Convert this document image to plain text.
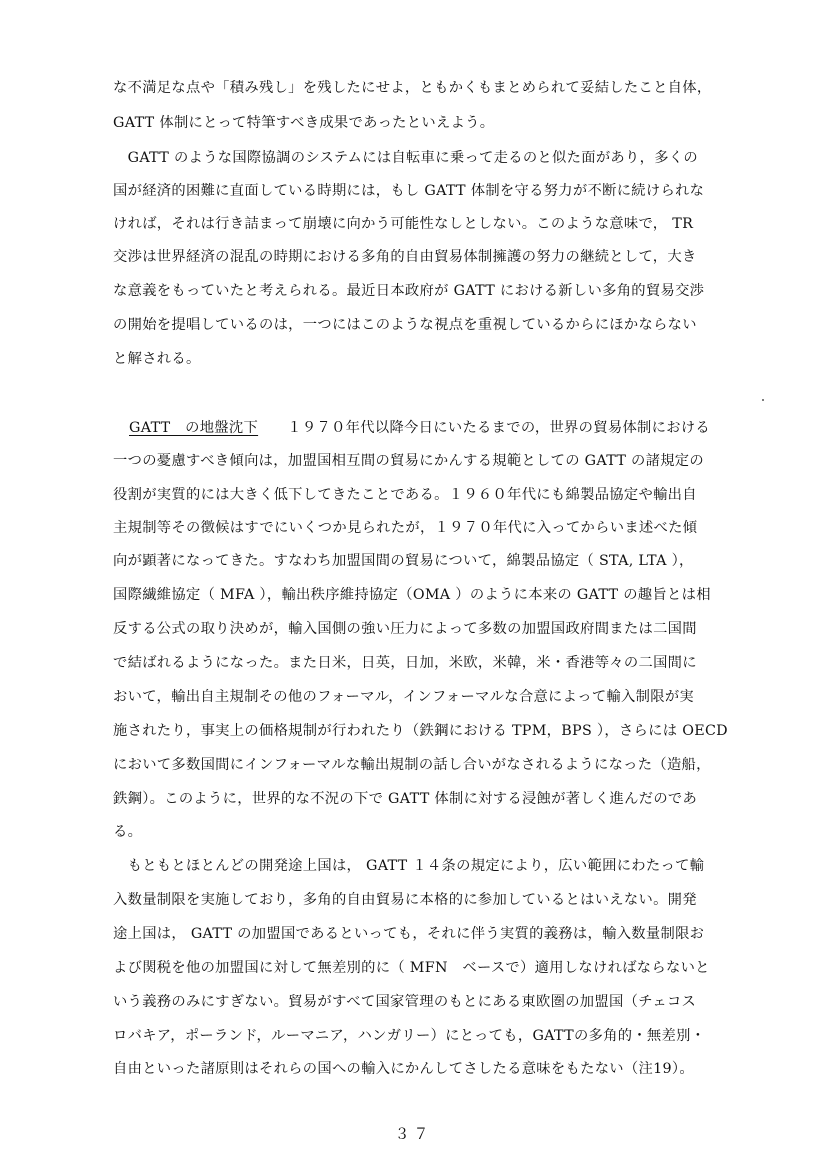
な不満足な点や「積み残し」を残したにせよ，ともかくもまとめられて妥結したこと自体，
GATT 体制にとって特筆すべき成果であったといえよう。
　GATT のような国際協調のシステムには自転車に乗って走るのと似た面があり，多くの
国が経済的困難に直面している時期には，もし GATT 体制を守る努力が不断に続けられな
ければ，それは行き詰まって崩壊に向かう可能性なしとしない。このような意味で， TR
交渉は世界経済の混乱の時期における多角的自由貿易体制擁護の努力の継続として，大き
な意義をもっていたと考えられる。最近日本政府が GATT における新しい多角的貿易交渉
の開始を提唱しているのは，一つにはこのような視点を重視しているからにほかならない
と解される。
GATT　の地盤沈下　　１９７０年代以降今日にいたるまでの，世界の貿易体制における
一つの憂慮すべき傾向は，加盟国相互間の貿易にかんする規範としての GATT の諸規定の
役割が実質的には大きく低下してきたことである。１９６０年代にも綿製品協定や輸出自
主規制等その徴候はすでにいくつか見られたが，１９７０年代に入ってからいま述べた傾
向が顕著になってきた。すなわち加盟国間の貿易について，綿製品協定（ STA, LTA ），
国際繊維協定（ MFA ），輸出秩序維持協定（OMA ）のように本来の GATT の趣旨とは相
反する公式の取り決めが，輸入国側の強い圧力によって多数の加盟国政府間または二国間
で結ばれるようになった。また日米，日英，日加，米欧，米韓，米・香港等々の二国間に
おいて，輸出自主規制その他のフォーマル，インフォーマルな合意によって輸入制限が実
施されたり，事実上の価格規制が行われたり（鉄鋼における TPM，BPS ），さらには OECD
において多数国間にインフォーマルな輸出規制の話し合いがなされるようになった（造船，
鉄鋼）。このように，世界的な不況の下で GATT 体制に対する浸蝕が著しく進んだのであ
る。
　もともとほとんどの開発途上国は， GATT １４条の規定により，広い範囲にわたって輸
入数量制限を実施しており，多角的自由貿易に本格的に参加しているとはいえない。開発
途上国は， GATT の加盟国であるといっても，それに伴う実質的義務は，輸入数量制限お
よび関税を他の加盟国に対して無差別的に（ MFN　ベースで）適用しなければならないと
いう義務のみにすぎない。貿易がすべて国家管理のもとにある東欧圏の加盟国（チェコス
ロバキア，ポーランド，ルーマニア，ハンガリー）にとっても，GATTの多角的・無差別・
自由といった諸原則はそれらの国への輸入にかんしてさしたる意味をもたない（注19）。
３７
